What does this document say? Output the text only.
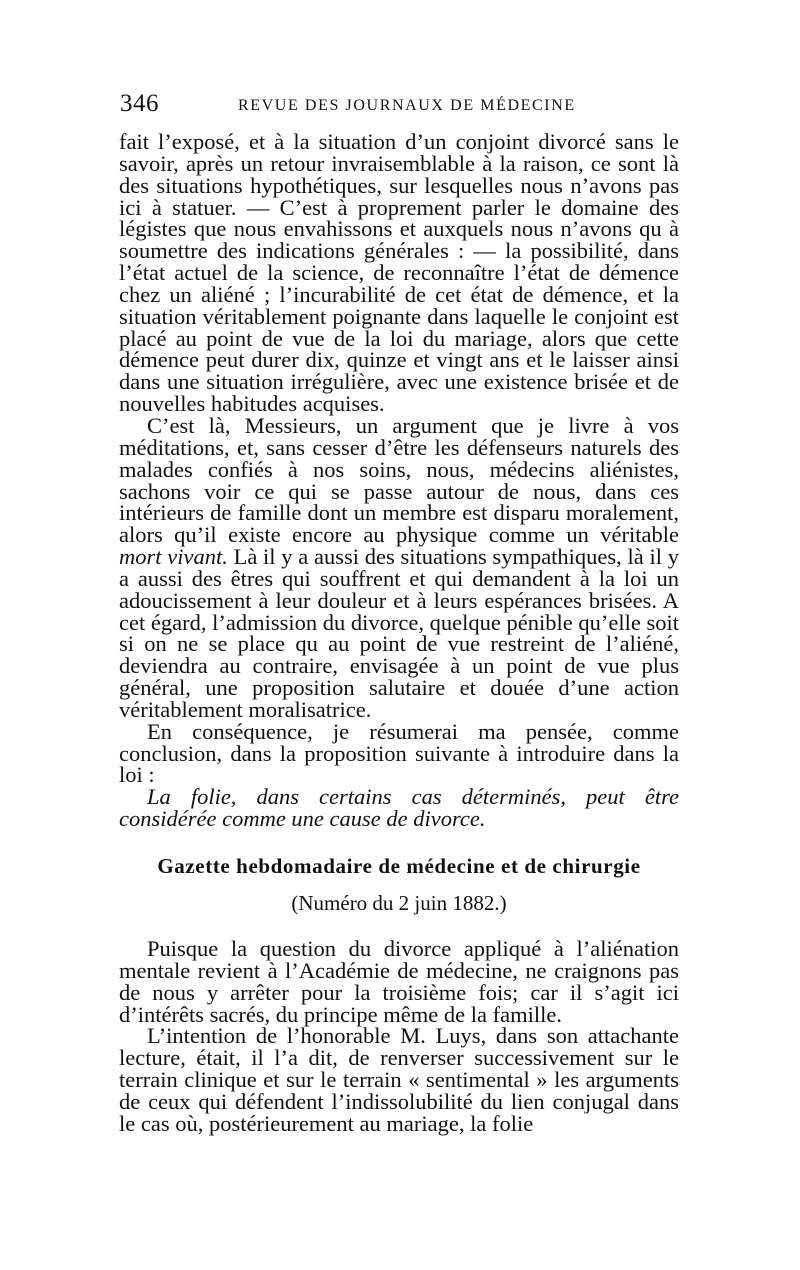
346	REVUE DES JOURNAUX DE MÉDECINE

fait l’exposé, et à la situation d’un conjoint divorcé sans le savoir, après un retour invraisemblable à la raison, ce sont là des situations hypothétiques, sur lesquelles nous n’avons pas ici à statuer. — C’est à proprement parler le domaine des légistes que nous envahissons et auxquels nous n’avons qu à soumettre des indications générales : — la possibilité, dans l’état actuel de la science, de reconnaître l’état de démence chez un aliéné ; l’incurabilité de cet état de démence, et la situation véritablement poignante dans laquelle le conjoint est placé au point de vue de la loi du mariage, alors que cette démence peut durer dix, quinze et vingt ans et le laisser ainsi dans une situation irrégulière, avec une existence brisée et de nouvelles habitudes acquises.

C’est là, Messieurs, un argument que je livre à vos méditations, et, sans cesser d’être les défenseurs naturels des malades confiés à nos soins, nous, médecins aliénistes, sachons voir ce qui se passe autour de nous, dans ces intérieurs de famille dont un membre est disparu moralement, alors qu’il existe encore au physique comme un véritable mort vivant. Là il y a aussi des situations sympathiques, là il y a aussi des êtres qui souffrent et qui demandent à la loi un adoucissement à leur douleur et à leurs espérances brisées. A cet égard, l’admission du divorce, quelque pénible qu’elle soit si on ne se place qu au point de vue restreint de l’aliéné, deviendra au contraire, envisagée à un point de vue plus général, une proposition salutaire et douée d’une action véritablement moralisatrice.

En conséquence, je résumerai ma pensée, comme conclusion, dans la proposition suivante à introduire dans la loi :

La folie, dans certains cas déterminés, peut être considérée comme une cause de divorce.

Gazette hebdomadaire de médecine et de chirurgie
(Numéro du 2 juin 1882.)

Puisque la question du divorce appliqué à l’aliénation mentale revient à l’Académie de médecine, ne craignons pas de nous y arrêter pour la troisième fois; car il s’agit ici d’intérêts sacrés, du principe même de la famille.

L’intention de l’honorable M. Luys, dans son attachante lecture, était, il l’a dit, de renverser successivement sur le terrain clinique et sur le terrain « sentimental » les arguments de ceux qui défendent l’indissolubilité du lien conjugal dans le cas où, postérieurement au mariage, la folie
